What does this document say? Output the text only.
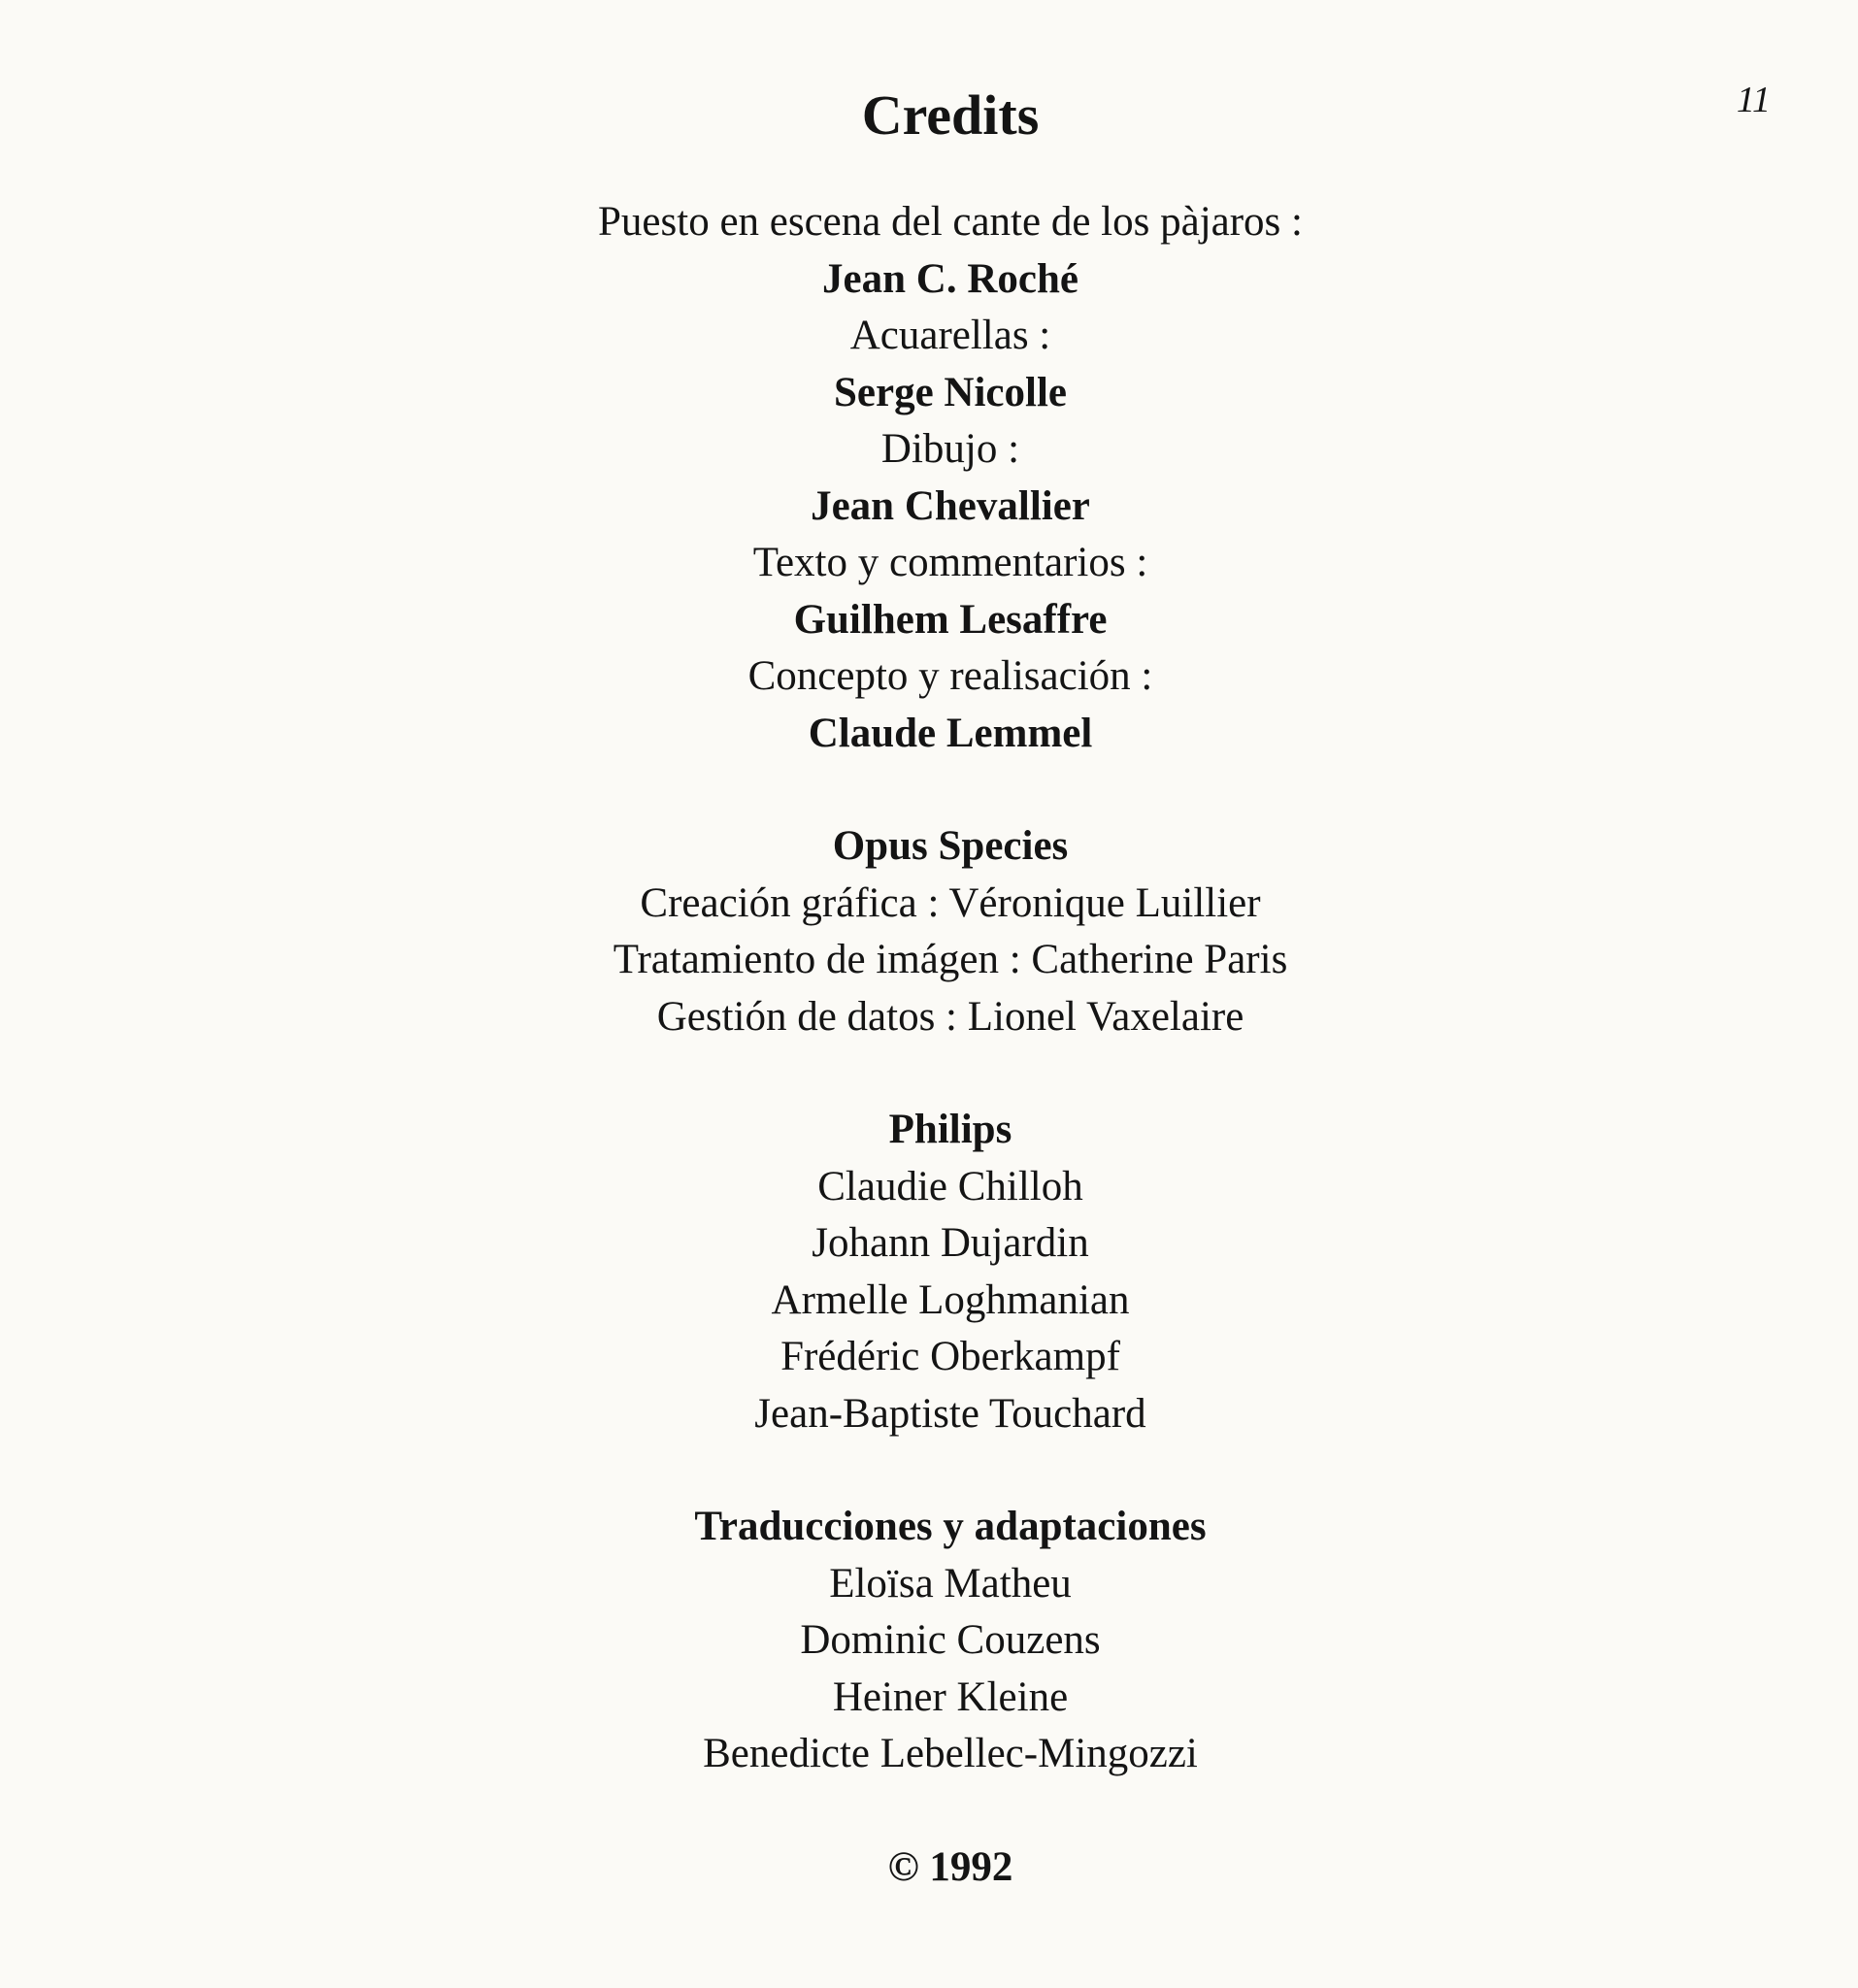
11
Credits

Puesto en escena del cante de los pàjaros :

Jean C. Roché

Acuarellas :

Serge Nicolle

Dibujo :

Jean Chevallier

Texto y commentarios :

Guilhem Lesaffre

Concepto y realisación :

Claude Lemmel

Opus Species

Creación gráfica : Véronique Luillier

Tratamiento de imágen : Catherine Paris

Gestión de datos : Lionel Vaxelaire

Philips

Claudie Chilloh

Johann Dujardin

Armelle Loghmanian

Frédéric Oberkampf

Jean-Baptiste Touchard

Traducciones y adaptaciones

Eloïsa Matheu

Dominic Couzens

Heiner Kleine

Benedicte Lebellec-Mingozzi

© 1992
